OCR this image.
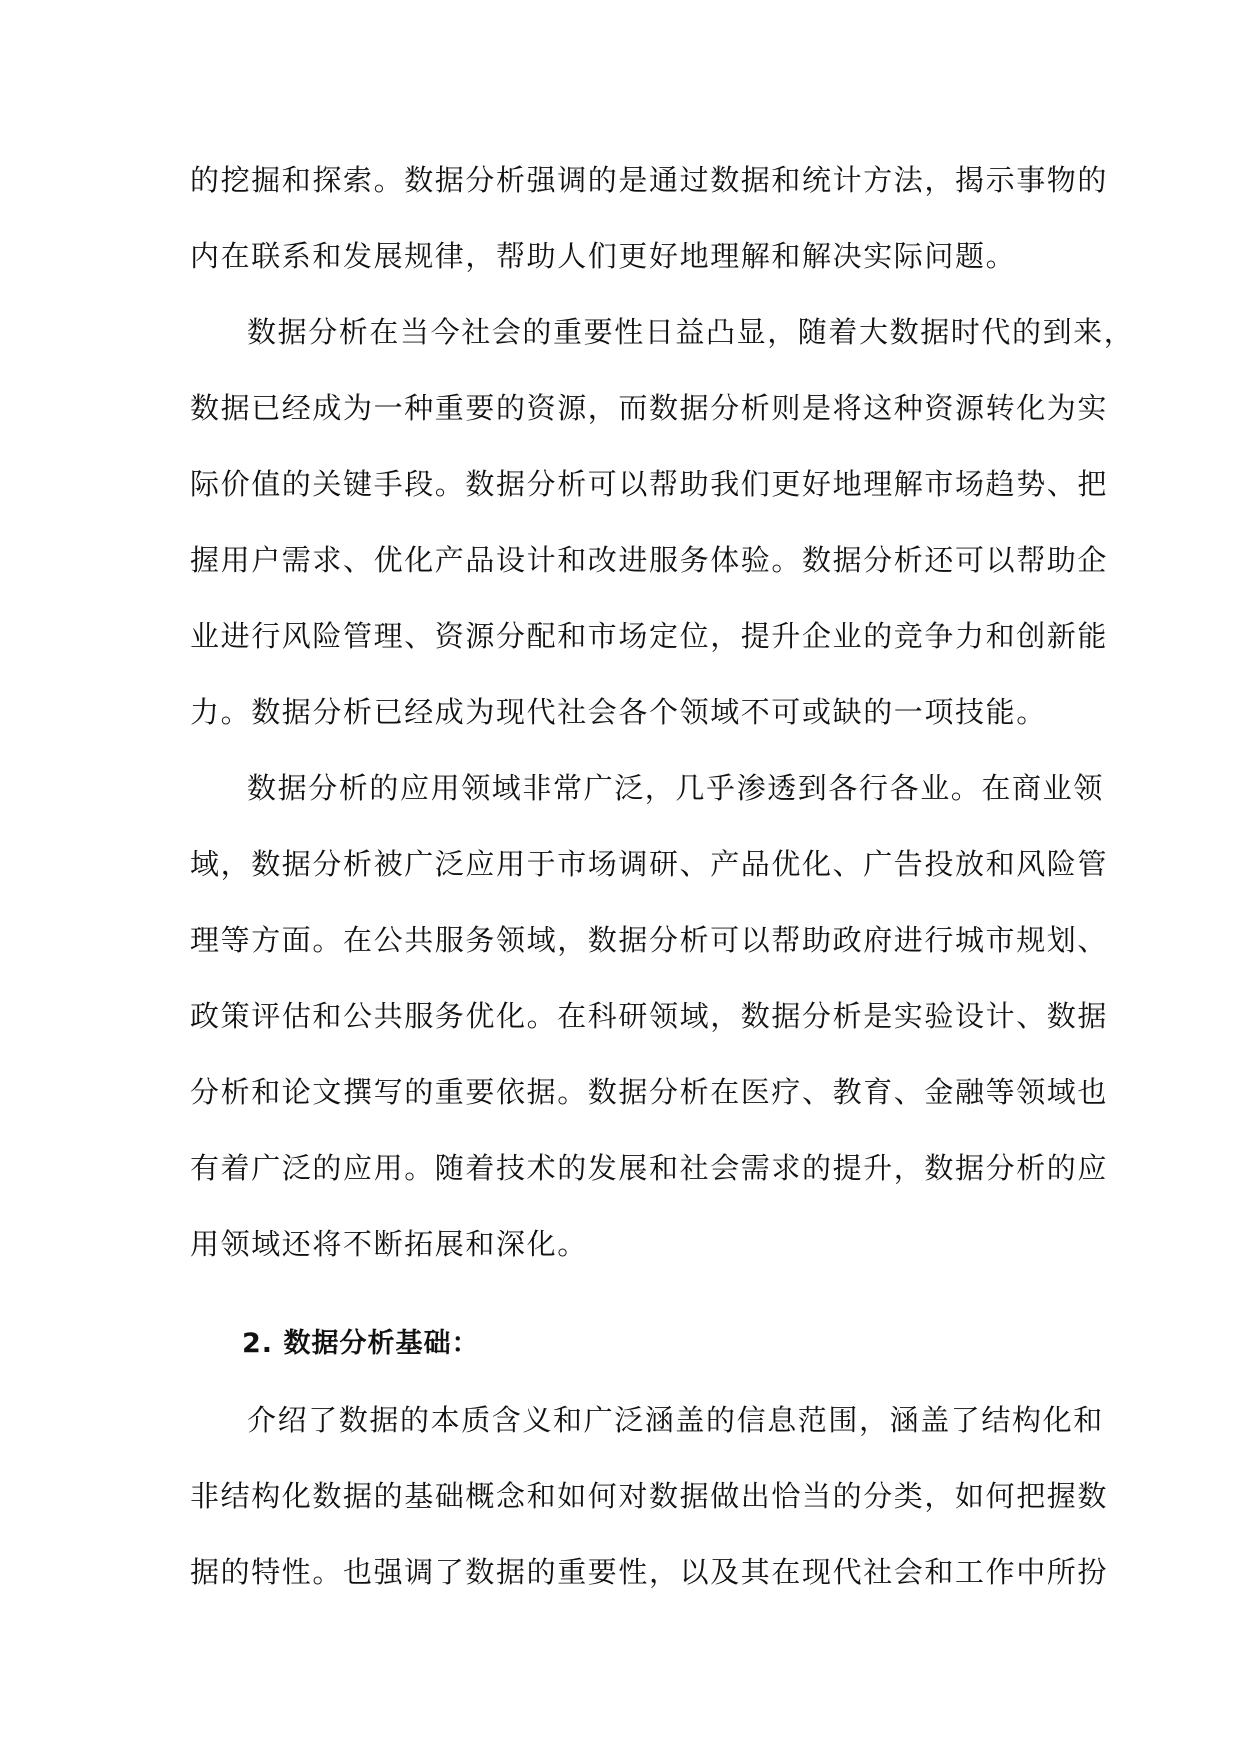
的挖掘和探索。数据分析强调的是通过数据和统计方法，揭示事物的
内在联系和发展规律，帮助人们更好地理解和解决实际问题。
数据分析在当今社会的重要性日益凸显，随着大数据时代的到来，
数据已经成为一种重要的资源，而数据分析则是将这种资源转化为实
际价值的关键手段。数据分析可以帮助我们更好地理解市场趋势、把
握用户需求、优化产品设计和改进服务体验。数据分析还可以帮助企
业进行风险管理、资源分配和市场定位，提升企业的竞争力和创新能
力。数据分析已经成为现代社会各个领域不可或缺的一项技能。
数据分析的应用领域非常广泛，几乎渗透到各行各业。在商业领
域，数据分析被广泛应用于市场调研、产品优化、广告投放和风险管
理等方面。在公共服务领域，数据分析可以帮助政府进行城市规划、
政策评估和公共服务优化。在科研领域，数据分析是实验设计、数据
分析和论文撰写的重要依据。数据分析在医疗、教育、金融等领域也
有着广泛的应用。随着技术的发展和社会需求的提升，数据分析的应
用领域还将不断拓展和深化。
2. 数据分析基础：
介绍了数据的本质含义和广泛涵盖的信息范围，涵盖了结构化和
非结构化数据的基础概念和如何对数据做出恰当的分类，如何把握数
据的特性。也强调了数据的重要性，以及其在现代社会和工作中所扮
